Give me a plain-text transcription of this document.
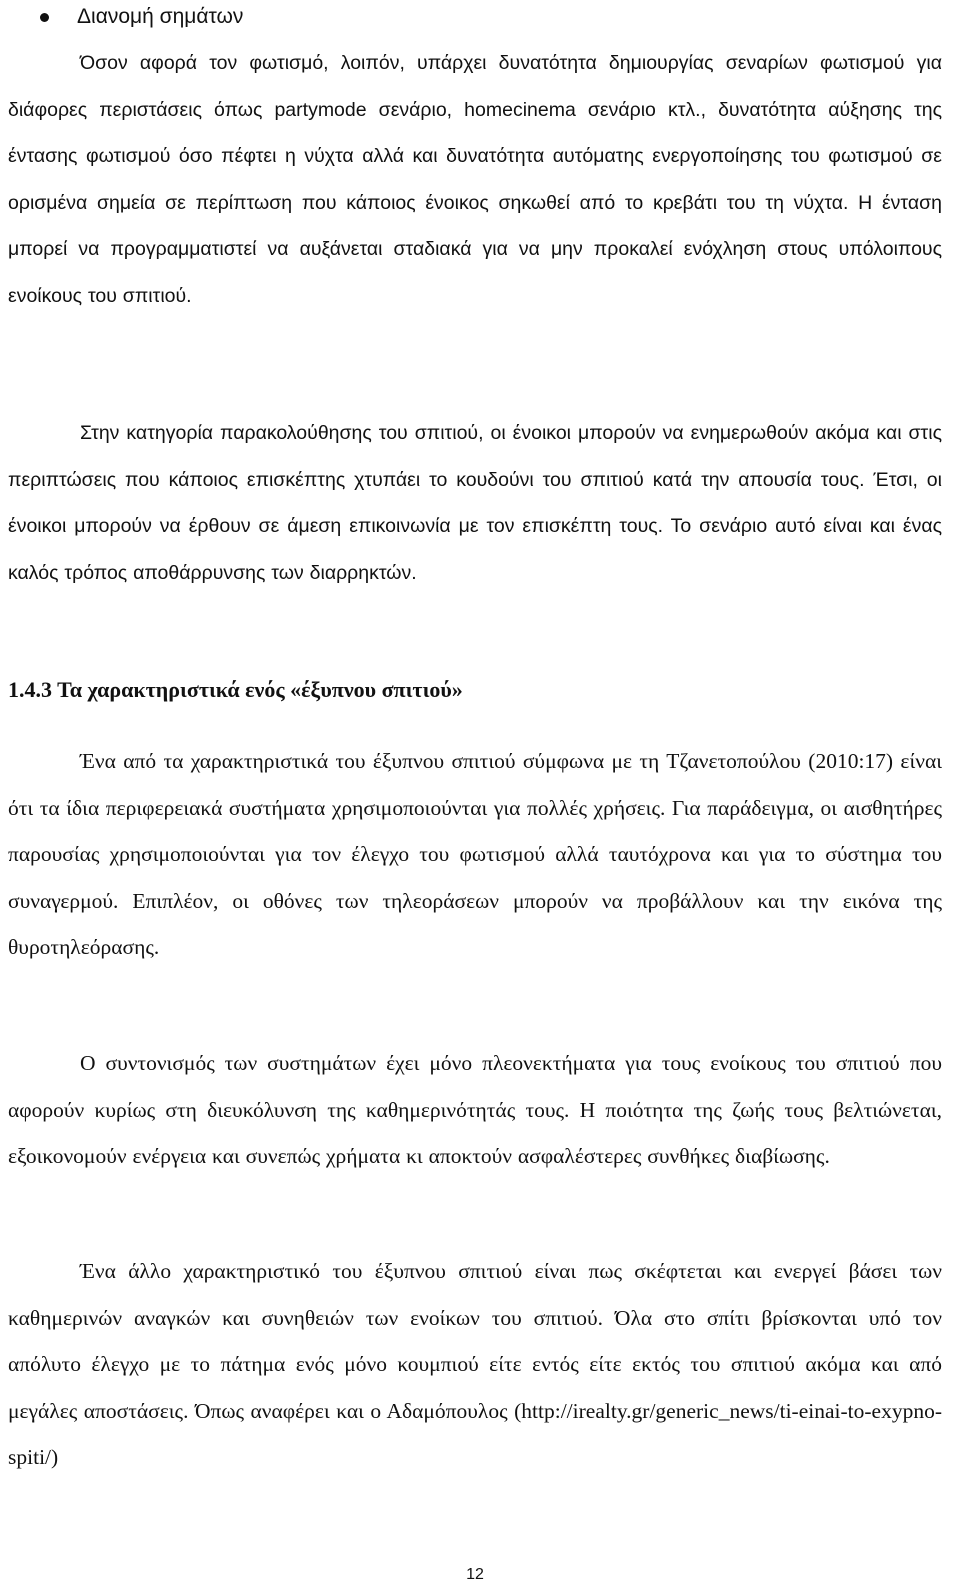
Διανομή σημάτων

Όσον αφορά τον φωτισμό, λοιπόν, υπάρχει δυνατότητα δημιουργίας σεναρίων φωτισμού για διάφορες περιστάσεις όπως partymode σενάριο, homecinema σενάριο κτλ., δυνατότητα αύξησης της έντασης φωτισμού όσο πέφτει η νύχτα αλλά και δυνατότητα αυτόματης ενεργοποίησης του φωτισμού σε ορισμένα σημεία σε περίπτωση που κάποιος ένοικος σηκωθεί από το κρεβάτι του τη νύχτα. Η ένταση μπορεί να προγραμματιστεί να αυξάνεται σταδιακά για να μην προκαλεί ενόχληση στους υπόλοιπους ενοίκους του σπιτιού.

Στην κατηγορία παρακολούθησης του σπιτιού, οι ένοικοι μπορούν να ενημερωθούν ακόμα και στις περιπτώσεις που κάποιος επισκέπτης χτυπάει το κουδούνι του σπιτιού κατά την απουσία τους. Έτσι, οι ένοικοι μπορούν να έρθουν σε άμεση επικοινωνία με τον επισκέπτη τους. Το σενάριο αυτό είναι και ένας καλός τρόπος αποθάρρυνσης των διαρρηκτών.

1.4.3 Τα χαρακτηριστικά ενός «έξυπνου σπιτιού»

Ένα από τα χαρακτηριστικά του έξυπνου σπιτιού σύμφωνα με τη Τζανετοπούλου (2010:17) είναι ότι τα ίδια περιφερειακά συστήματα χρησιμοποιούνται για πολλές χρήσεις. Για παράδειγμα, οι αισθητήρες παρουσίας χρησιμοποιούνται για τον έλεγχο του φωτισμού αλλά ταυτόχρονα και για το σύστημα του συναγερμού. Επιπλέον, οι οθόνες των τηλεοράσεων μπορούν να προβάλλουν και την εικόνα της θυροτηλεόρασης.

Ο συντονισμός των συστημάτων έχει μόνο πλεονεκτήματα για τους ενοίκους του σπιτιού που αφορούν κυρίως στη διευκόλυνση της καθημερινότητάς τους. Η ποιότητα της ζωής τους βελτιώνεται, εξοικονομούν ενέργεια και συνεπώς χρήματα κι αποκτούν ασφαλέστερες συνθήκες διαβίωσης.

Ένα άλλο χαρακτηριστικό του έξυπνου σπιτιού είναι πως σκέφτεται και ενεργεί βάσει των καθημερινών αναγκών και συνηθειών των ενοίκων του σπιτιού. Όλα στο σπίτι βρίσκονται υπό τον απόλυτο έλεγχο με το πάτημα ενός μόνο κουμπιού είτε εντός είτε εκτός του σπιτιού ακόμα και από μεγάλες αποστάσεις. Όπως αναφέρει και ο Αδαμόπουλος (http://irealty.gr/generic_news/ti-einai-to-exypno-spiti/)

12
